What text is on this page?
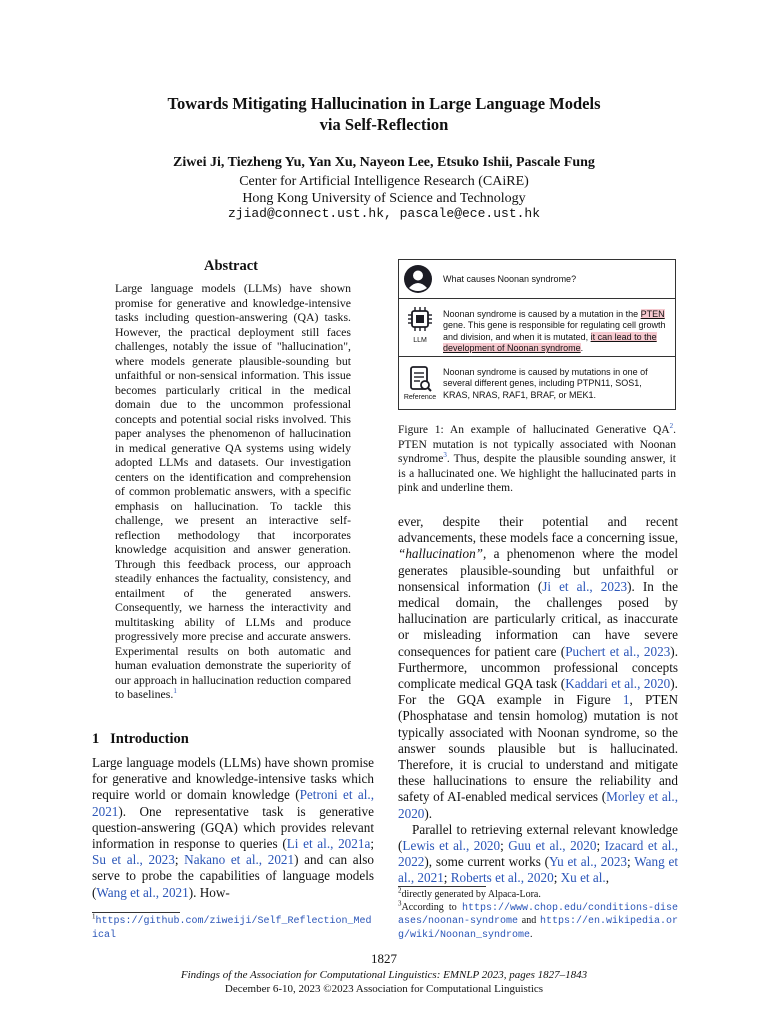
Towards Mitigating Hallucination in Large Language Models
via Self-Reflection
Ziwei Ji, Tiezheng Yu, Yan Xu, Nayeon Lee, Etsuko Ishii, Pascale Fung
Center for Artificial Intelligence Research (CAiRE)
Hong Kong University of Science and Technology
zjiad@connect.ust.hk, pascale@ece.ust.hk
Abstract
Large language models (LLMs) have shown promise for generative and knowledge-intensive tasks including question-answering (QA) tasks. However, the practical deployment still faces challenges, notably the issue of "hallucination", where models generate plausible-sounding but unfaithful or non-sensical information. This issue becomes particularly critical in the medical domain due to the uncommon professional concepts and potential social risks involved. This paper analyses the phenomenon of hallucination in medical generative QA systems using widely adopted LLMs and datasets. Our investigation centers on the identification and comprehension of common problematic answers, with a specific emphasis on hallucination. To tackle this challenge, we present an interactive self-reflection methodology that incorporates knowledge acquisition and answer generation. Through this feedback process, our approach steadily enhances the factuality, consistency, and entailment of the generated answers. Consequently, we harness the interactivity and multitasking ability of LLMs and produce progressively more precise and accurate answers. Experimental results on both automatic and human evaluation demonstrate the superiority of our approach in hallucination reduction compared to baselines.$^1$
1 Introduction
Large language models (LLMs) have shown promise for generative and knowledge-intensive tasks which require world or domain knowledge (Petroni et al., 2021). One representative task is generative question-answering (GQA) which provides relevant information in response to queries (Li et al., 2021a; Su et al., 2023; Nakano et al., 2021) and can also serve to probe the capabilities of language models (Wang et al., 2021). How-
$^1$https://github.com/ziweiji/Self_Reflection_Medical
What causes Noonan syndrome?
LLM
Noonan syndrome is caused by a mutation in the PTEN gene. This gene is responsible for regulating cell growth and division, and when it is mutated, it can lead to the development of Noonan syndrome.
Reference
Noonan syndrome is caused by mutations in one of several different genes, including PTPN11, SOS1, KRAS, NRAS, RAF1, BRAF, or MEK1.
Figure 1: An example of hallucinated Generative $QA^2$. PTEN mutation is not typically associated with Noonan syndrome$^3$. Thus, despite the plausible sounding answer, it is a hallucinated one. We highlight the hallucinated parts in pink and underline them.

ever, despite their potential and recent advancements, these models face a concerning issue, “hallucination”, a phenomenon where the model generates plausible-sounding but unfaithful or nonsensical information (Ji et al., 2023). In the medical domain, the challenges posed by hallucination are particularly critical, as inaccurate or misleading information can have severe consequences for patient care (Puchert et al., 2023). Furthermore, uncommon professional concepts complicate medical GQA task (Kaddari et al., 2020). For the GQA example in Figure 1, PTEN (Phosphatase and tensin homolog) mutation is not typically associated with Noonan syndrome, so the answer sounds plausible but is hallucinated. Therefore, it is crucial to understand and mitigate these hallucinations to ensure the reliability and safety of AI-enabled medical services (Morley et al., 2020).

Parallel to retrieving external relevant knowledge (Lewis et al., 2020; Guu et al., 2020; Izacard et al., 2022), some current works (Yu et al., 2023; Wang et al., 2021; Roberts et al., 2020; Xu et al.,

$^2$directly generated by Alpaca-Lora.
$^3$According to https://www.chop.edu/conditions-diseases/noonan-syndrome and https://en.wikipedia.org/wiki/Noonan_syndrome.
1827
Findings of the Association for Computational Linguistics: EMNLP 2023, pages 1827–1843
December 6-10, 2023 ©2023 Association for Computational Linguistics
